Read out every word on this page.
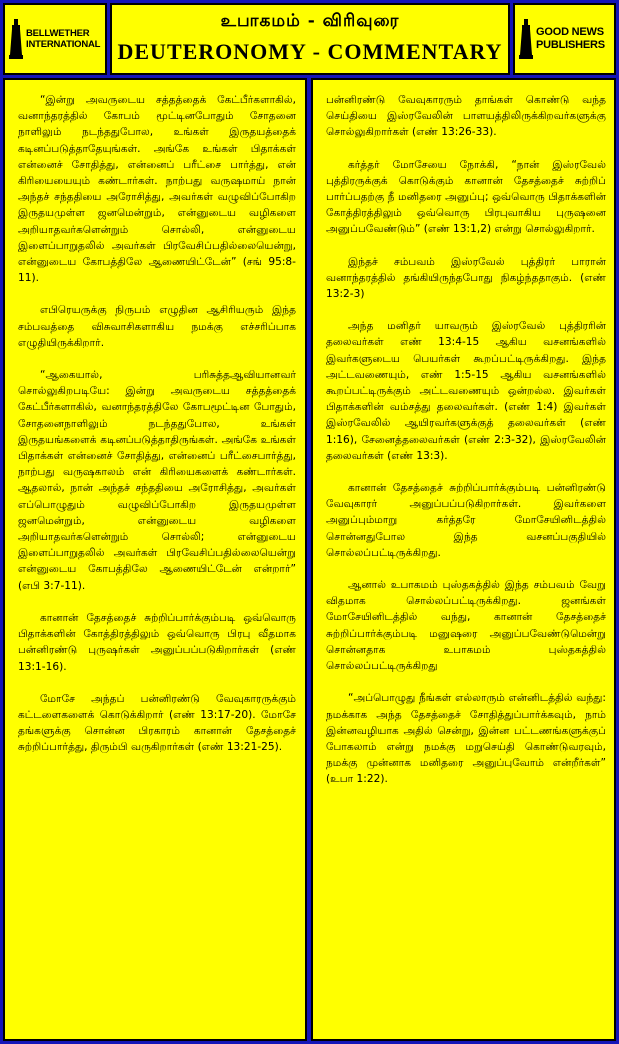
BELLWETHER
INTERNATIONAL
உபாகமம் - விரிவுரை
DEUTERONOMY - COMMENTARY
GOOD NEWS
PUBLISHERS

“இன்று அவருடைய சத்தத்தைக் கேட்பீர்களாகில், வனாந்தரத்தில் கோபம் மூட்டினபோதும் சோதனை நாளிலும் நடந்ததுபோல, உங்கள் இருதயத்தைக் கடினப்படுத்தாதேயுங்கள். அங்கே உங்கள் பிதாக்கள் என்னைச் சோதித்து, என்னைப் பரீட்சை பார்த்து, என் கிரியையையும் கண்டார்கள். நாற்பது வருஷமாய் நான் அந்தச் சந்ததியை அரோசித்து, அவர்கள் வழுவிப்போகிற இருதயமுள்ள ஜனமென்றும், என்னுடைய வழிகளை அறியாதவர்களென்றும் சொல்லி, என்னுடைய இளைப்பாறுதலில் அவர்கள் பிரவேசிப்பதில்லையென்று, என்னுடைய கோபத்திலே ஆணையிட்டேன்” (சங் 95:8-11).

எபிரெயருக்கு நிருபம் எழுதின ஆசிரியரும் இந்த சம்பவத்தை விசுவாசிகளாகிய நமக்கு எச்சரிப்பாக எழுதியிருக்கிறார்.

“ஆகையால், பரிசுத்தஆவியானவர் சொல்லுகிறபடியே: இன்று அவருடைய சத்தத்தைக் கேட்பீர்களாகில், வனாந்தரத்திலே கோபமூட்டின போதும், சோதனைநாளிலும் நடந்ததுபோல, உங்கள் இருதயங்களைக் கடினப்படுத்தாதிருங்கள். அங்கே உங்கள் பிதாக்கள் என்னைச் சோதித்து, என்னைப் பரீட்சைபார்த்து, நாற்பது வருஷகாலம் என் கிரியைகளைக் கண்டார்கள். ஆதலால், நான் அந்தச் சந்ததியை அரோசித்து, அவர்கள் எப்பொழுதும் வழுவிப்போகிற இருதயமுள்ள ஜனமென்றும், என்னுடைய வழிகளை அறியாதவர்களென்றும் சொல்லி; என்னுடைய இளைப்பாறுதலில் அவர்கள் பிரவேசிப்பதில்லையென்று என்னுடைய கோபத்திலே ஆணையிட்டேன் என்றார்” (எபி 3:7-11).

கானான் தேசத்தைச் சுற்றிப்பார்க்கும்படி ஒவ்வொரு பிதாக்களின் கோத்திரத்திலும் ஒவ்வொரு பிரபு வீதமாக பன்னிரண்டு புருஷர்கள் அனுப்பப்படுகிறார்கள் (எண் 13:1-16).

மோசே அந்தப் பன்னிரண்டு வேவுகாரருக்கும் கட்டளைகளைக் கொடுக்கிறார் (எண் 13:17-20). மோசே தங்களுக்கு சொன்ன பிரகாரம் கானான் தேசத்தைச் சுற்றிப்பார்த்து, திரும்பி வருகிறார்கள் (எண் 13:21-25).

பன்னிரண்டு வேவுகாரரும் தாங்கள் கொண்டு வந்த செய்தியை இஸ்ரவேலின் பாளயத்திலிருக்கிறவர்களுக்கு சொல்லுகிறார்கள் (எண் 13:26-33).

கர்த்தர் மோசேயை நோக்கி, “நான் இஸ்ரவேல் புத்திரருக்குக் கொடுக்கும் கானான் தேசத்தைச் சுற்றிப் பார்ப்பதற்கு நீ மனிதரை அனுப்பு; ஒவ்வொரு பிதாக்களின் கோத்திரத்திலும் ஒவ்வொரு பிரபுவாகிய புருஷனை அனுப்பவேண்டும்” (எண் 13:1,2) என்று சொல்லுகிறார்.

இந்தச் சம்பவம் இஸ்ரவேல் புத்திரர் பாரான் வனாந்தரத்தில் தங்கியிருந்தபோது நிகழ்ந்ததாகும். (எண் 13:2-3)

அந்த மனிதர் யாவரும் இஸ்ரவேல் புத்திரரின் தலைவர்கள் எண் 13:4-15 ஆகிய வசனங்களில் இவர்களுடைய பெயர்கள் கூறப்பட்டிருக்கிறது. இந்த அட்டவணையும், எண் 1:5-15 ஆகிய வசனங்களில் கூறப்பட்டிருக்கும் அட்டவணையும் ஒன்றல்ல. இவர்கள் பிதாக்களின் வம்சத்து தலைவர்கள். (எண் 1:4) இவர்கள் இஸ்ரவேலில் ஆயிரவர்களுக்குத் தலைவர்கள் (எண் 1:16), சேனைத்தலைவர்கள் (எண் 2:3-32), இஸ்ரவேலின் தலைவர்கள் (எண் 13:3).

கானான் தேசத்தைச் சுற்றிப்பார்க்கும்படி பன்னிரண்டு வேவுகாரர் அனுப்பப்படுகிறார்கள். இவர்களை அனுப்பும்மாறு கர்த்தரே மோசேயினிடத்தில் சொன்னதுபோல இந்த வசனப்பகுதியில் சொல்லப்பட்டிருக்கிறது.

ஆனால் உபாகமம் புஸ்தகத்தில் இந்த சம்பவம் வேறு விதமாக சொல்லப்பட்டிருக்கிறது. ஜனங்கள் மோசேயினிடத்தில் வந்து, கானான் தேசத்தைச் சுற்றிப்பார்க்கும்படி மனுஷரை அனுப்பவேண்டுமென்று சொன்னதாக உபாகமம் புஸ்தகத்தில் சொல்லப்பட்டிருக்கிறது

“அப்பொழுது நீங்கள் எல்லாரும் என்னிடத்தில் வந்து: நமக்காக அந்த தேசத்தைச் சோதித்துப்பார்க்கவும், நாம் இன்னவழியாக அதில் சென்று, இன்ன பட்டணங்களுக்குப் போகலாம் என்று நமக்கு மறுசெய்தி கொண்டுவரவும், நமக்கு முன்னாக மனிதரை அனுப்புவோம் என்றீர்கள்” (உபா 1:22).
